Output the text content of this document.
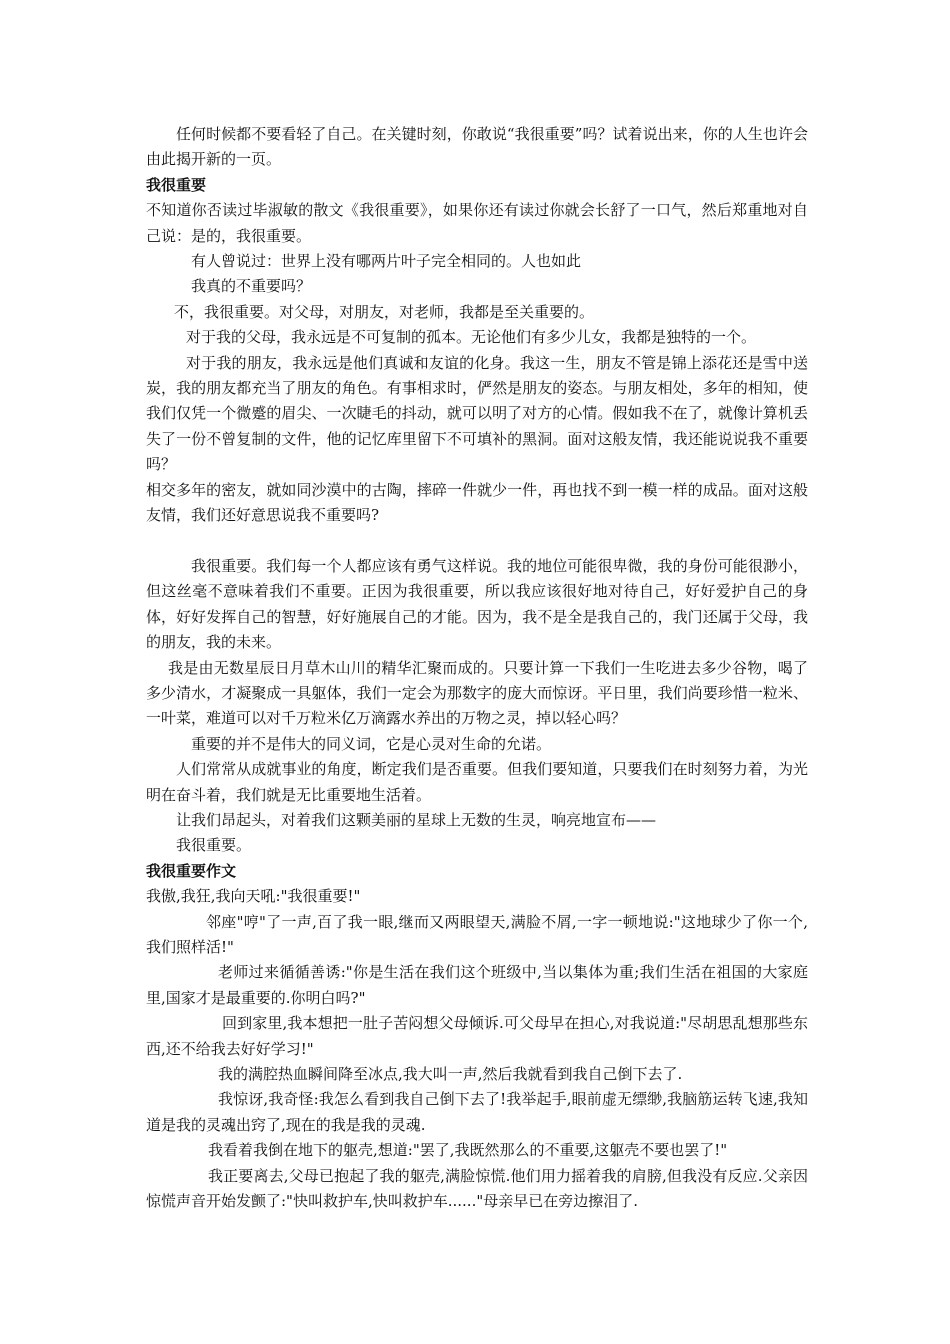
任何时候都不要看轻了自己。在关键时刻，你敢说“我很重要”吗？试着说出来，你的人生也许会由此揭开新的一页。

我很重要

不知道你否读过毕淑敏的散文《我很重要》，如果你还有读过你就会长舒了一口气，然后郑重地对自己说：是的，我很重要。

有人曾说过：世界上没有哪两片叶子完全相同的。人也如此

我真的不重要吗？

不，我很重要。对父母，对朋友，对老师，我都是至关重要的。

对于我的父母，我永远是不可复制的孤本。无论他们有多少儿女，我都是独特的一个。

对于我的朋友，我永远是他们真诚和友谊的化身。我这一生，朋友不管是锦上添花还是雪中送炭，我的朋友都充当了朋友的角色。有事相求时，俨然是朋友的姿态。与朋友相处，多年的相知，使我们仅凭一个微蹙的眉尖、一次睫毛的抖动，就可以明了对方的心情。假如我不在了，就像计算机丢失了一份不曾复制的文件，他的记忆库里留下不可填补的黑洞。面对这般友情，我还能说说我不重要吗？

相交多年的密友，就如同沙漠中的古陶，摔碎一件就少一件，再也找不到一模一样的成品。面对这般友情，我们还好意思说我不重要吗?

我很重要。我们每一个人都应该有勇气这样说。我的地位可能很卑微，我的身份可能很渺小，但这丝毫不意味着我们不重要。正因为我很重要，所以我应该很好地对待自己，好好爱护自己的身体，好好发挥自己的智慧，好好施展自己的才能。因为，我不是全是我自己的，我门还属于父母，我的朋友，我的未来。

我是由无数星辰日月草木山川的精华汇聚而成的。只要计算一下我们一生吃进去多少谷物，喝了多少清水，才凝聚成一具躯体，我们一定会为那数字的庞大而惊讶。平日里，我们尚要珍惜一粒米、一叶菜，难道可以对千万粒米亿万滴露水养出的万物之灵，掉以轻心吗？

重要的并不是伟大的同义词，它是心灵对生命的允诺。

人们常常从成就事业的角度，断定我们是否重要。但我们要知道，只要我们在时刻努力着，为光明在奋斗着，我们就是无比重要地生活着。

让我们昂起头，对着我们这颗美丽的星球上无数的生灵，响亮地宣布——

我很重要。

我很重要作文

我傲,我狂,我向天吼:"我很重要!"

邻座"哼"了一声,百了我一眼,继而又两眼望天,满脸不屑,一字一顿地说:"这地球少了你一个,我们照样活!"

老师过来循循善诱:"你是生活在我们这个班级中,当以集体为重;我们生活在祖国的大家庭里,国家才是最重要的.你明白吗?"

回到家里,我本想把一肚子苦闷想父母倾诉.可父母早在担心,对我说道:"尽胡思乱想那些东西,还不给我去好好学习!"

我的满腔热血瞬间降至冰点,我大叫一声,然后我就看到我自己倒下去了.

我惊讶,我奇怪:我怎么看到我自己倒下去了!我举起手,眼前虚无缥缈,我脑筋运转飞速,我知道是我的灵魂出窍了,现在的我是我的灵魂.

我看着我倒在地下的躯壳,想道:"罢了,我既然那么的不重要,这躯壳不要也罢了!"

我正要离去,父母已抱起了我的躯壳,满脸惊慌.他们用力摇着我的肩膀,但我没有反应.父亲因惊慌声音开始发颤了:"快叫救护车,快叫救护车......"母亲早已在旁边擦泪了.
